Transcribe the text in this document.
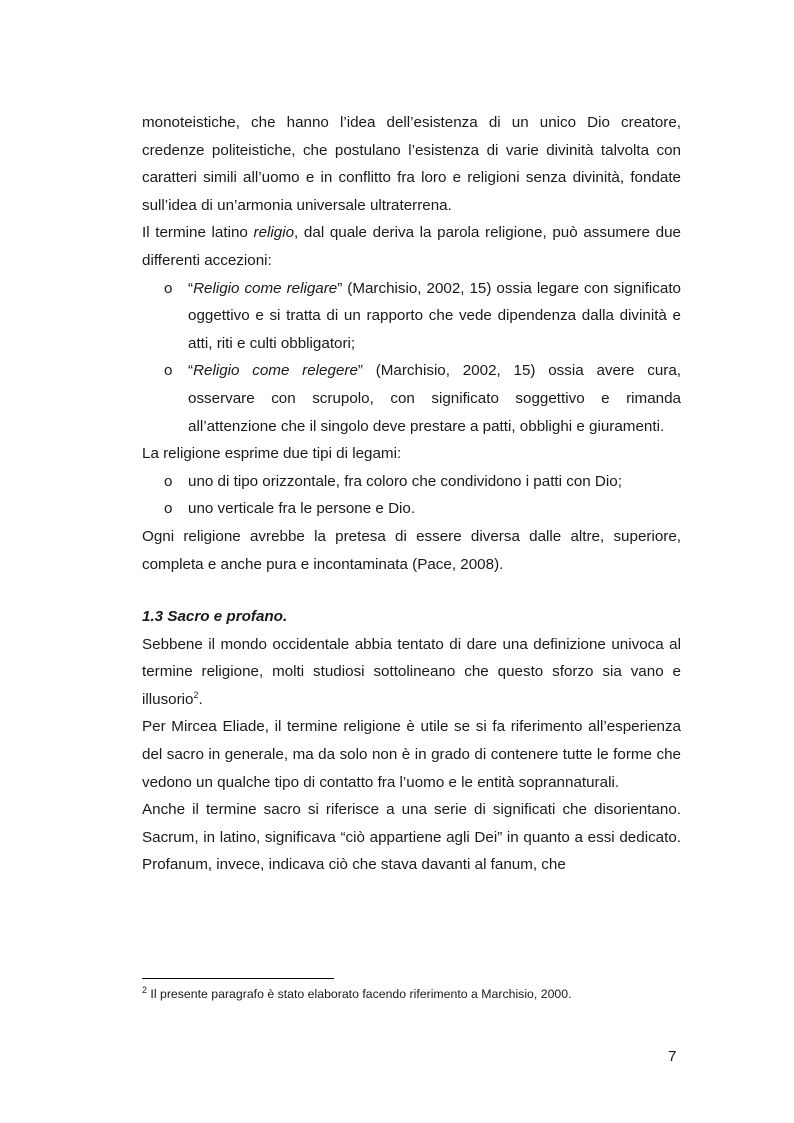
monoteistiche, che hanno l’idea dell’esistenza di un unico Dio creatore, credenze politeistiche, che postulano l’esistenza di varie divinità talvolta con caratteri simili all’uomo e in conflitto fra loro e religioni senza divinità, fondate sull’idea di un’armonia universale ultraterrena.

Il termine latino religio, dal quale deriva la parola religione, può assumere due differenti accezioni:

o	“Religio come religare” (Marchisio, 2002, 15) ossia legare con significato oggettivo e si tratta di un rapporto che vede dipendenza dalla divinità e atti, riti e culti obbligatori;
o	“Religio come relegere” (Marchisio, 2002, 15) ossia avere cura, osservare con scrupolo, con significato soggettivo e rimanda all’attenzione che il singolo deve prestare a patti, obblighi e giuramenti.

La religione esprime due tipi di legami:

o	uno di tipo orizzontale, fra coloro che condividono i patti con Dio;
o	uno verticale fra le persone e Dio.

Ogni religione avrebbe la pretesa di essere diversa dalle altre, superiore, completa e anche pura e incontaminata (Pace, 2008).

1.3 Sacro e profano.

Sebbene il mondo occidentale abbia tentato di dare una definizione univoca al termine religione, molti studiosi sottolineano che questo sforzo sia vano e illusorio$^2$.

Per Mircea Eliade, il termine religione è utile se si fa riferimento all’esperienza del sacro in generale, ma da solo non è in grado di contenere tutte le forme che vedono un qualche tipo di contatto fra l’uomo e le entità soprannaturali.

Anche il termine sacro si riferisce a una serie di significati che disorientano. Sacrum, in latino, significava “ciò appartiene agli Dei” in quanto a essi dedicato. Profanum, invece, indicava ciò che stava davanti al fanum, che

$^2$ Il presente paragrafo è stato elaborato facendo riferimento a Marchisio, 2000.
7
